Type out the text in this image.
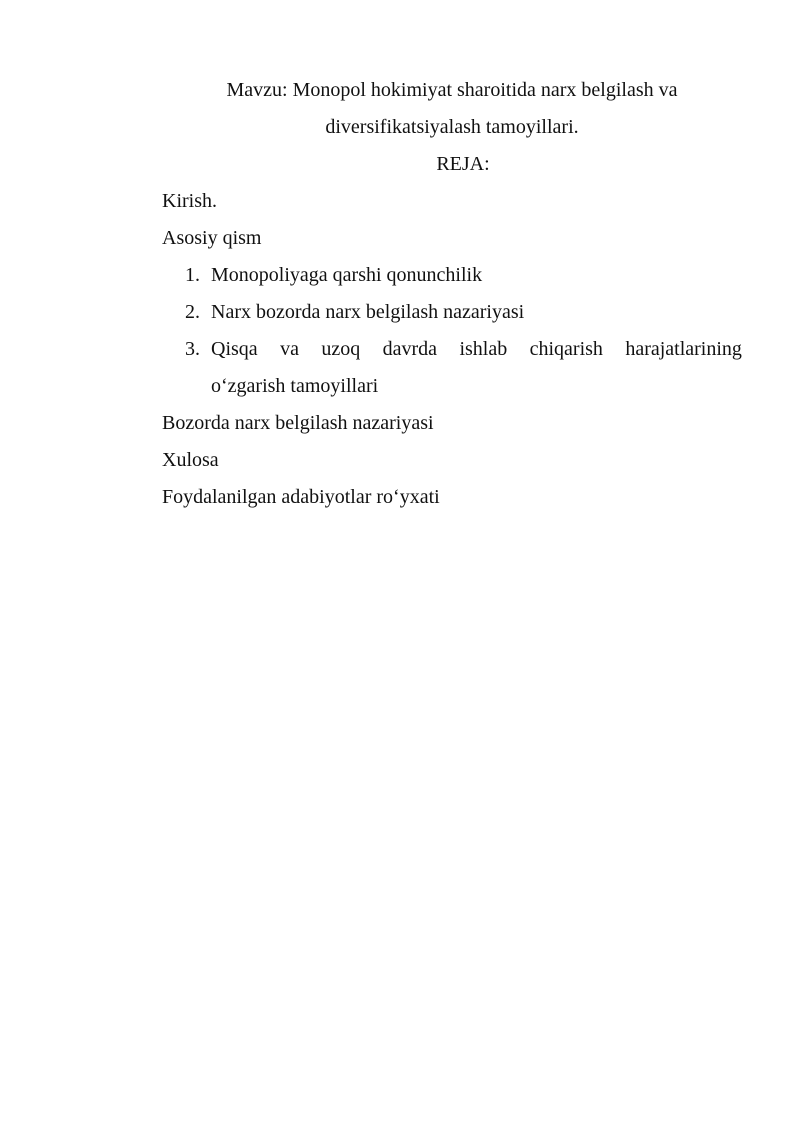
Mavzu: Monopol hokimiyat sharoitida narx belgilash va
diversifikatsiyalash tamoyillari.
REJA:
Kirish.
Asosiy qism
1. Monopoliyaga qarshi qonunchilik
2. Narx bozorda narx belgilash nazariyasi
3. Qisqa va uzoq davrda ishlab chiqarish harajatlarining
o‘zgarish tamoyillari
Bozorda narx belgilash nazariyasi
Xulosa
Foydalanilgan adabiyotlar ro‘yxati
